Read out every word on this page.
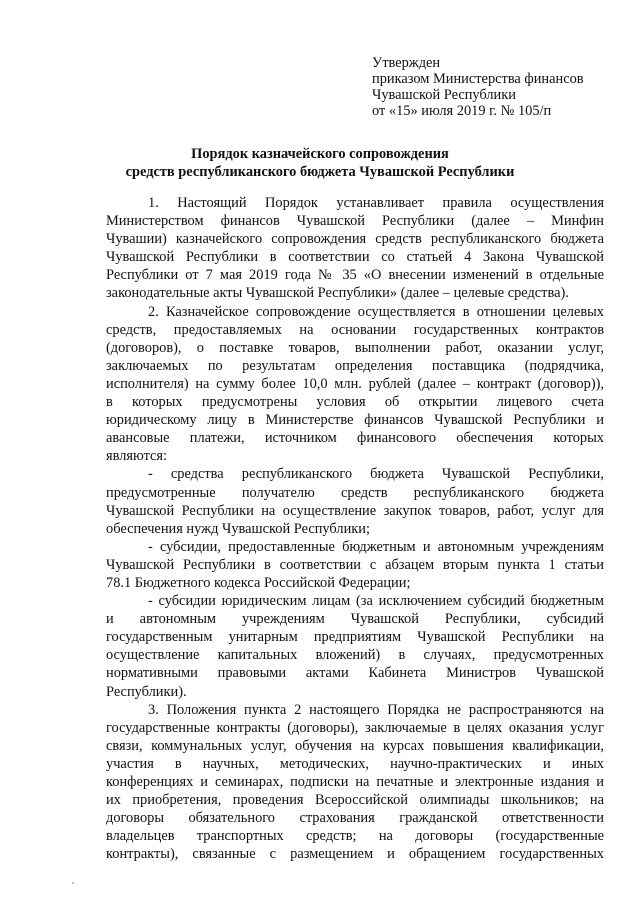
Утвержден
приказом Министерства финансов
Чувашской Республики
от «15» июля 2019 г. № 105/п
Порядок казначейского сопровождения
средств республиканского бюджета Чувашской Республики
1. Настоящий Порядок устанавливает правила осуществления
Министерством финансов Чувашской Республики (далее – Минфин
Чувашии) казначейского сопровождения средств республиканского бюджета
Чувашской Республики в соответствии со статьей 4 Закона Чувашской
Республики от 7 мая 2019 года № 35 «О внесении изменений в отдельные
законодательные акты Чувашской Республики» (далее – целевые средства).
2. Казначейское сопровождение осуществляется в отношении целевых
средств, предоставляемых на основании государственных контрактов
(договоров), о поставке товаров, выполнении работ, оказании услуг,
заключаемых по результатам определения поставщика (подрядчика,
исполнителя) на сумму более 10,0 млн. рублей (далее – контракт (договор)),
в которых предусмотрены условия об открытии лицевого счета
юридическому лицу в Министерстве финансов Чувашской Республики и
авансовые платежи, источником финансового обеспечения которых
являются:
- средства республиканского бюджета Чувашской Республики,
предусмотренные получателю средств республиканского бюджета
Чувашской Республики на осуществление закупок товаров, работ, услуг для
обеспечения нужд Чувашской Республики;
- субсидии, предоставленные бюджетным и автономным учреждениям
Чувашской Республики в соответствии с абзацем вторым пункта 1 статьи
78.1 Бюджетного кодекса Российской Федерации;
- субсидии юридическим лицам (за исключением субсидий бюджетным
и автономным учреждениям Чувашской Республики, субсидий
государственным унитарным предприятиям Чувашской Республики на
осуществление капитальных вложений) в случаях, предусмотренных
нормативными правовыми актами Кабинета Министров Чувашской
Республики).
3. Положения пункта 2 настоящего Порядка не распространяются на
государственные контракты (договоры), заключаемые в целях оказания услуг
связи, коммунальных услуг, обучения на курсах повышения квалификации,
участия в научных, методических, научно-практических и иных
конференциях и семинарах, подписки на печатные и электронные издания и
их приобретения, проведения Всероссийской олимпиады школьников; на
договоры обязательного страхования гражданской ответственности
владельцев транспортных средств; на договоры (государственные
контракты), связанные с размещением и обращением государственных
